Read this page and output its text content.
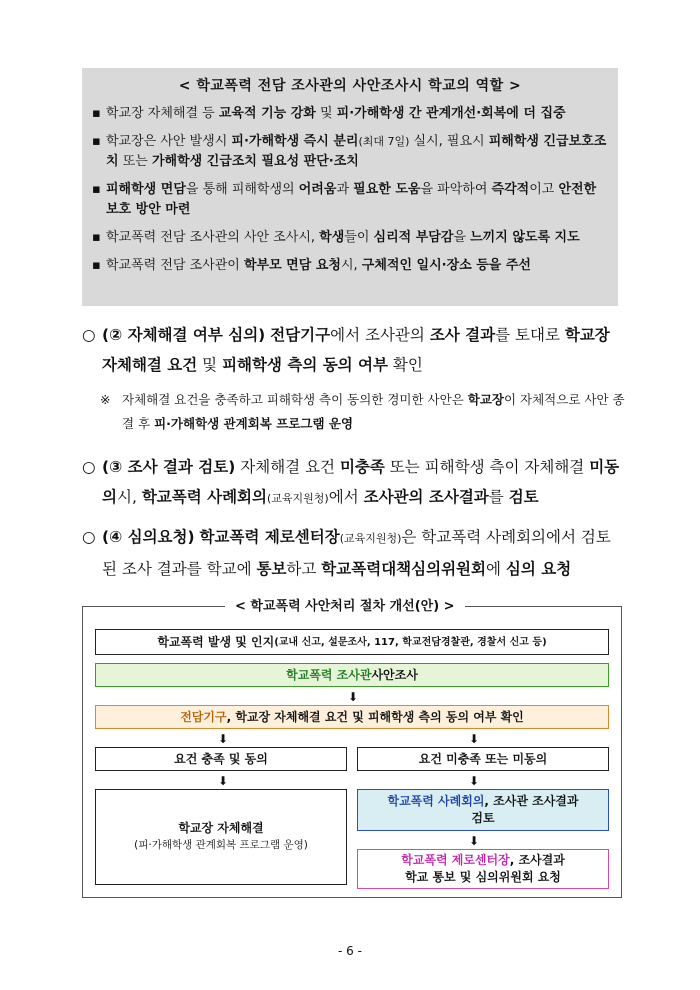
< 학교폭력 전담 조사관의 사안조사시 학교의 역할 >
▪ 학교장 자체해결 등 교육적 기능 강화 및 피·가해학생 간 관계개선·회복에 더 집중
▪ 학교장은 사안 발생시 피·가해학생 즉시 분리(최대 7일) 실시, 필요시 피해학생 긴급보호조치 또는 가해학생 긴급조치 필요성 판단·조치
▪ 피해학생 면담을 통해 피해학생의 어려움과 필요한 도움을 파악하여 즉각적이고 안전한 보호 방안 마련
▪ 학교폭력 전담 조사관의 사안 조사시, 학생들이 심리적 부담감을 느끼지 않도록 지도
▪ 학교폭력 전담 조사관이 학부모 면담 요청시, 구체적인 일시·장소 등을 주선
○ (② 자체해결 여부 심의) 전담기구에서 조사관의 조사 결과를 토대로 학교장 자체해결 요건 및 피해학생 측의 동의 여부 확인
※ 자체해결 요건을 충족하고 피해학생 측이 동의한 경미한 사안은 학교장이 자체적으로 사안 종결 후 피·가해학생 관계회복 프로그램 운영
○ (③ 조사 결과 검토) 자체해결 요건 미충족 또는 피해학생 측이 자체해결 미동의시, 학교폭력 사례회의(교육지원청)에서 조사관의 조사결과를 검토
○ (④ 심의요청) 학교폭력 제로센터장(교육지원청)은 학교폭력 사례회의에서 검토된 조사 결과를 학교에 통보하고 학교폭력대책심의위원회에 심의 요청
< 학교폭력 사안처리 절차 개선(안) >
학교폭력 발생 및 인지 (교내 신고, 설문조사, 117, 학교전담경찰관, 경찰서 신고 등)
학교폭력 조사관 사안조사
⬇
전담기구 , 학교장 자체해결 요건 및 피해학생 측의 동의 여부 확인
⬇	⬇
요건 충족 및 동의	요건 미충족 또는 미동의
⬇	⬇
학교장 자체해결
(피·가해학생 관계회복 프로그램 운영)
학교폭력 사례회의, 조사관 조사결과
검토
⬇
학교폭력 제로센터장, 조사결과
학교 통보 및 심의위원회 요청
- 6 -
